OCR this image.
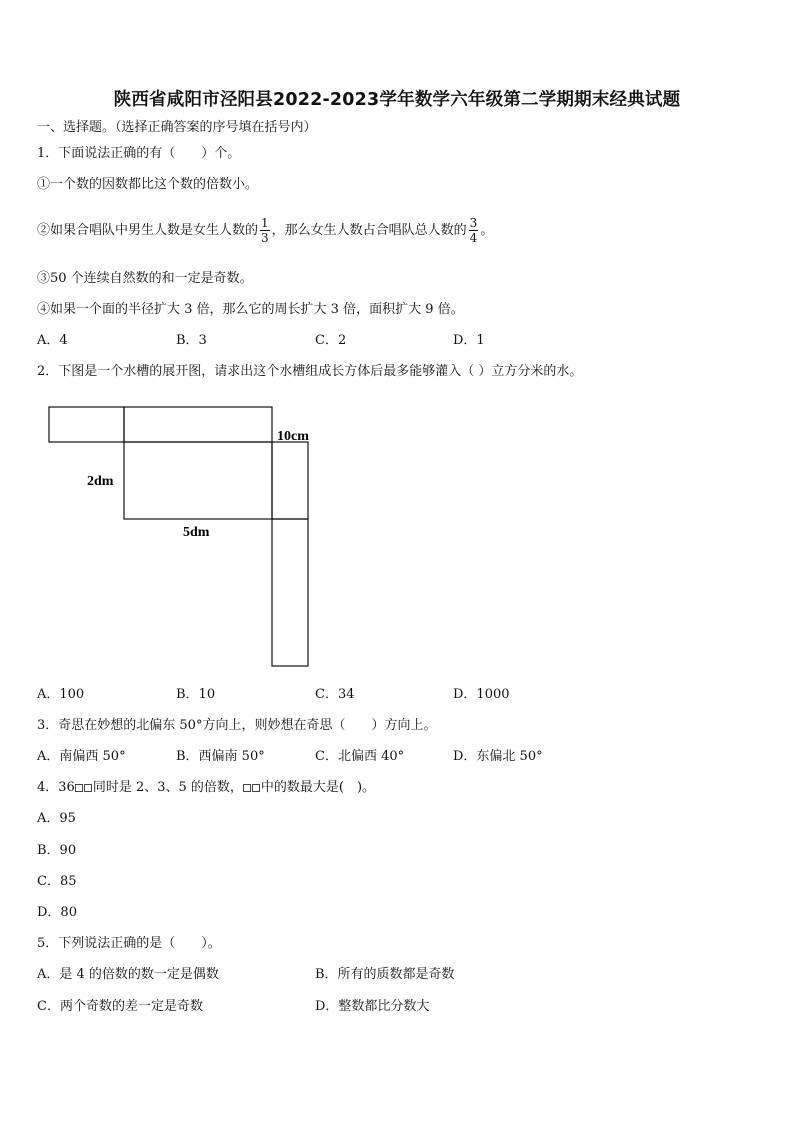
陕西省咸阳市泾阳县2022-2023学年数学六年级第二学期期末经典试题
一、选择题。（选择正确答案的序号填在括号内）
1．下面说法正确的有（　　）个。
①一个数的因数都比这个数的倍数小。
②如果合唱队中男生人数是女生人数的 $\frac{1}{3}$ ，那么女生人数占合唱队总人数的 $\frac{3}{4}$ 。
③50 个连续自然数的和一定是奇数。
④如果一个面的半径扩大 3 倍，那么它的周长扩大 3 倍，面积扩大 9 倍。
A．4	B．3	C．2	D．1
2．下图是一个水槽的展开图，请求出这个水槽组成长方体后最多能够灌入（ ）立方分米的水。
10cm
2dm
5dm
A．100	B．10	C．34	D．1000
3．奇思在妙想的北偏东 50°方向上，则妙想在奇思（　　）方向上。
A．南偏西 50°	B．西偏南 50°	C．北偏西 40°	D．东偏北 50°
4．36 同时是 2、3、5 的倍数， 中的数最大是(　)。
A．95
B．90
C．85
D．80
5．下列说法正确的是（　　）。
A．是 4 的倍数的数一定是偶数	B．所有的质数都是奇数
C．两个奇数的差一定是奇数	D．整数都比分数大
